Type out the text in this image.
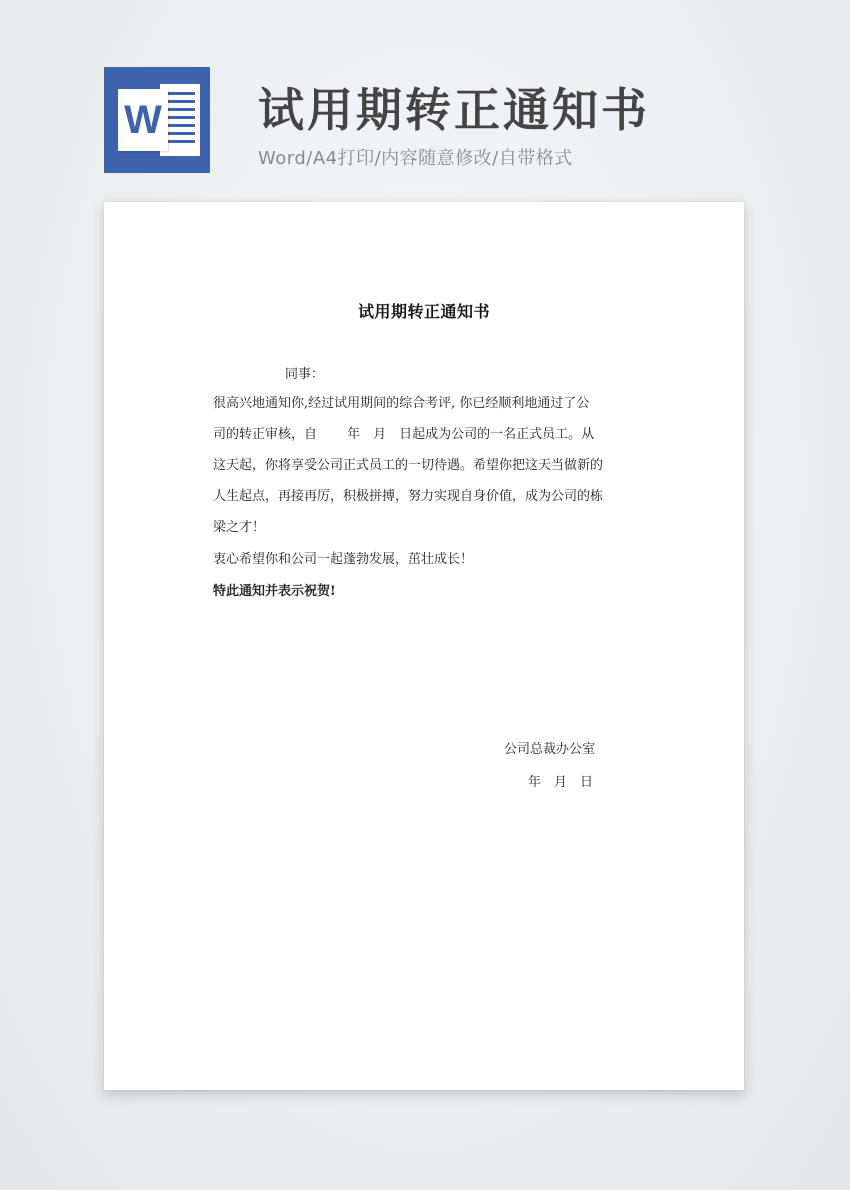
W 试用期转正通知书
Word/A4打印/内容随意修改/自带格式
试用期转正通知书
同事：
很高兴地通知你,经过试用期间的综合考评, 你已经顺利地通过了公
司的转正审核，自　　 年　月　日起成为公司的一名正式员工。从
这天起，你将享受公司正式员工的一切待遇。希望你把这天当做新的
人生起点，再接再厉，积极拼搏，努力实现自身价值，成为公司的栋
梁之才！
衷心希望你和公司一起蓬勃发展，茁壮成长！
特此通知并表示祝贺!
公司总裁办公室
年　月　日
